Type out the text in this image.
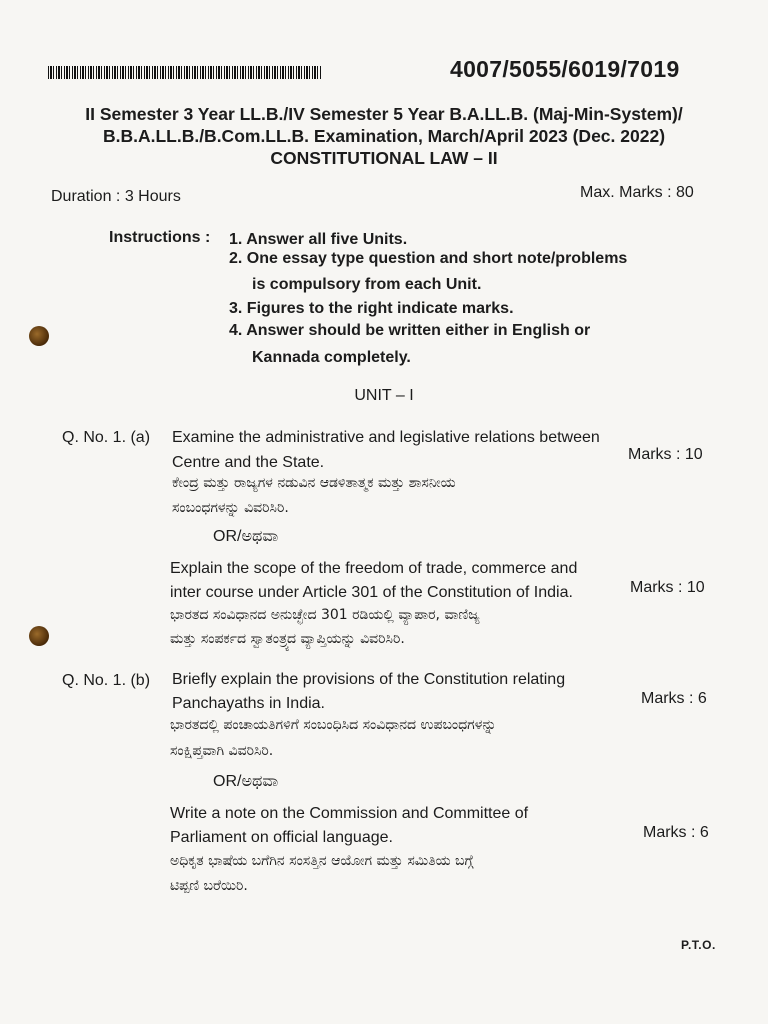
4007/5055/6019/7019
II Semester 3 Year LL.B./IV Semester 5 Year B.A.LL.B. (Maj-Min-System)/
B.B.A.LL.B./B.Com.LL.B. Examination, March/April 2023 (Dec. 2022)
CONSTITUTIONAL LAW – II
Duration : 3 Hours	Max. Marks : 80
Instructions : 1. Answer all five Units.
2. One essay type question and short note/problems
is compulsory from each Unit.
3. Figures to the right indicate marks.
4. Answer should be written either in English or
Kannada completely.
UNIT – I
Q. No. 1. (a) Examine the administrative and legislative relations between
Centre and the State.
ಕೇಂದ್ರ ಮತ್ತು ರಾಜ್ಯಗಳ ನಡುವಿನ ಆಡಳಿತಾತ್ಮಕ ಮತ್ತು ಶಾಸನೀಯ
ಸಂಬಂಧಗಳನ್ನು ವಿವರಿಸಿರಿ.
Marks : 10
OR/ಅಥವಾ
Explain the scope of the freedom of trade, commerce and
inter course under Article 301 of the Constitution of India.
ಭಾರತದ ಸಂವಿಧಾನದ ಅನುಚ್ಛೇದ 301 ರಡಿಯಲ್ಲಿ ವ್ಯಾಪಾರ, ವಾಣಿಜ್ಯ
ಮತ್ತು ಸಂಪರ್ಕದ ಸ್ವಾತಂತ್ರ್ಯದ ವ್ಯಾಪ್ತಿಯನ್ನು ವಿವರಿಸಿರಿ.
Marks : 10
Q. No. 1. (b) Briefly explain the provisions of the Constitution relating
Panchayaths in India.
ಭಾರತದಲ್ಲಿ ಪಂಚಾಯತಿಗಳಿಗೆ ಸಂಬಂಧಿಸಿದ ಸಂವಿಧಾನದ ಉಪಬಂಧಗಳನ್ನು
ಸಂಕ್ಷಿಪ್ತವಾಗಿ ವಿವರಿಸಿರಿ.
Marks : 6
OR/ಅಥವಾ
Write a note on the Commission and Committee of
Parliament on official language.
ಅಧಿಕೃತ ಭಾಷೆಯ ಬಗೆಗಿನ ಸಂಸತ್ತಿನ ಆಯೋಗ ಮತ್ತು ಸಮಿತಿಯ ಬಗ್ಗೆ
ಟಿಪ್ಪಣಿ ಬರೆಯಿರಿ.
Marks : 6
P.T.O.
